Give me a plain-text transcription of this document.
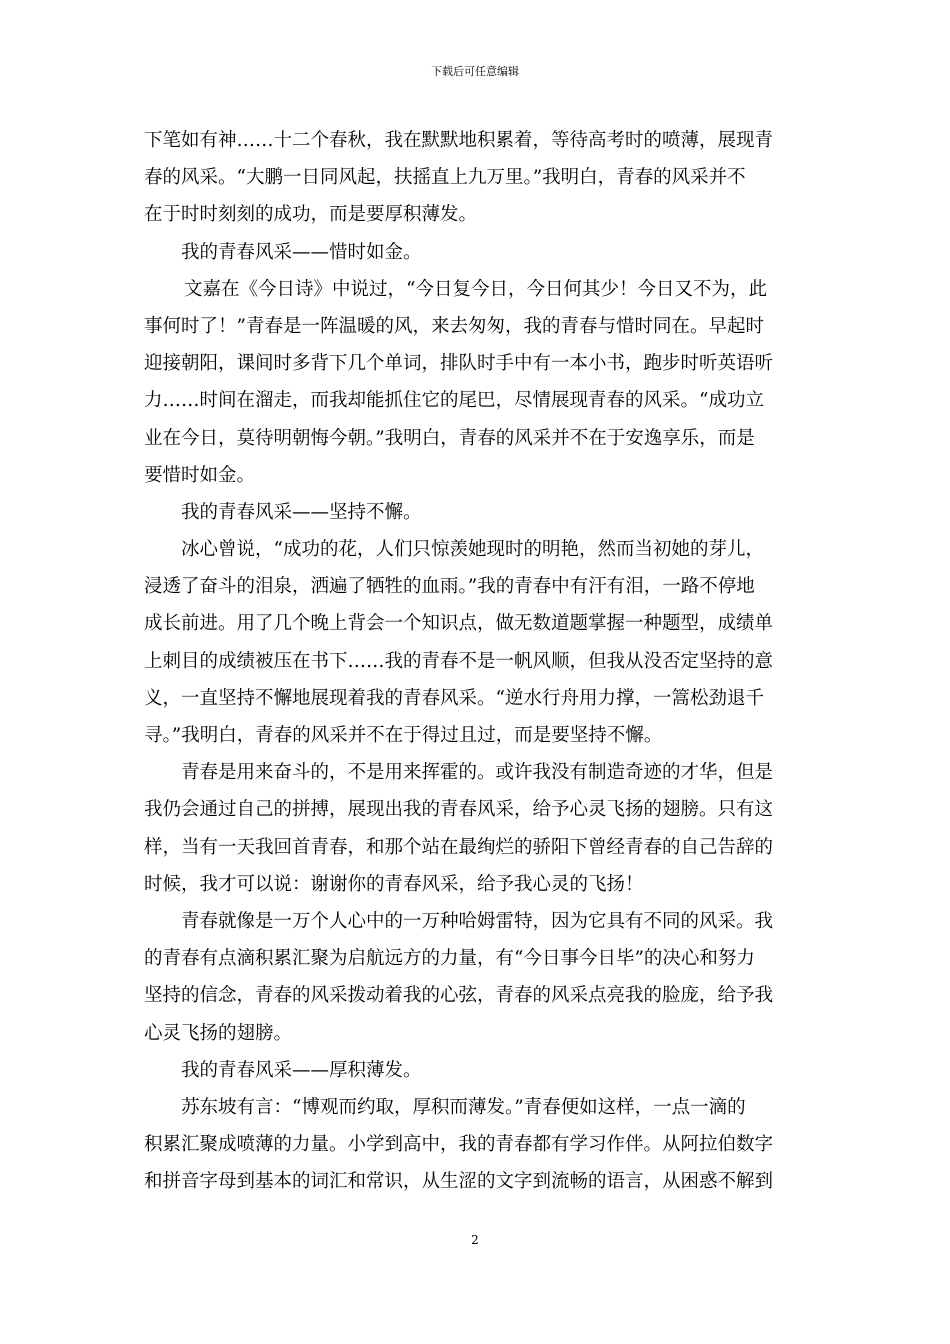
下载后可任意编辑
下笔如有神……十二个春秋，我在默默地积累着，等待高考时的喷薄，展现青
春的风采。“大鹏一日同风起，扶摇直上九万里。”我明白，青春的风采并不
在于时时刻刻的成功，而是要厚积薄发。
我的青春风采——惜时如金。
文嘉在《今日诗》中说过，“今日复今日，今日何其少！今日又不为，此
事何时了！”青春是一阵温暖的风，来去匆匆，我的青春与惜时同在。早起时
迎接朝阳，课间时多背下几个单词，排队时手中有一本小书，跑步时听英语听
力……时间在溜走，而我却能抓住它的尾巴，尽情展现青春的风采。“成功立
业在今日，莫待明朝悔今朝。”我明白，青春的风采并不在于安逸享乐，而是
要惜时如金。
我的青春风采——坚持不懈。
冰心曾说，“成功的花，人们只惊羡她现时的明艳，然而当初她的芽儿，
浸透了奋斗的泪泉，洒遍了牺牲的血雨。”我的青春中有汗有泪，一路不停地
成长前进。用了几个晚上背会一个知识点，做无数道题掌握一种题型，成绩单
上刺目的成绩被压在书下……我的青春不是一帆风顺，但我从没否定坚持的意
义，一直坚持不懈地展现着我的青春风采。“逆水行舟用力撑，一篙松劲退千
寻。”我明白，青春的风采并不在于得过且过，而是要坚持不懈。
青春是用来奋斗的，不是用来挥霍的。或许我没有制造奇迹的才华，但是
我仍会通过自己的拼搏，展现出我的青春风采，给予心灵飞扬的翅膀。只有这
样，当有一天我回首青春，和那个站在最绚烂的骄阳下曾经青春的自己告辞的
时候，我才可以说：谢谢你的青春风采，给予我心灵的飞扬！
青春就像是一万个人心中的一万种哈姆雷特，因为它具有不同的风采。我
的青春有点滴积累汇聚为启航远方的力量，有“今日事今日毕”的决心和努力
坚持的信念，青春的风采拨动着我的心弦，青春的风采点亮我的脸庞，给予我
心灵飞扬的翅膀。
我的青春风采——厚积薄发。
苏东坡有言：“博观而约取，厚积而薄发。”青春便如这样，一点一滴的
积累汇聚成喷薄的力量。小学到高中，我的青春都有学习作伴。从阿拉伯数字
和拼音字母到基本的词汇和常识，从生涩的文字到流畅的语言，从困惑不解到
2
